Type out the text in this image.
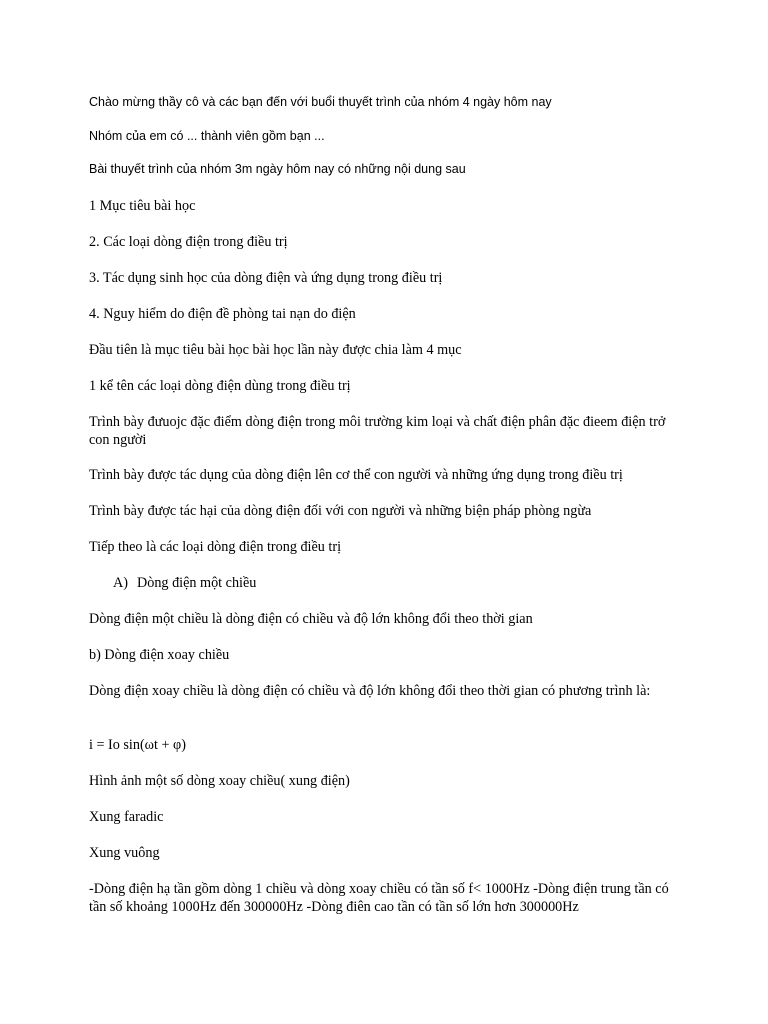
Chào mừng thầy cô và các bạn đến với buổi thuyết trình của nhóm 4 ngày hôm nay

Nhóm của em có ... thành viên gồm bạn ...

Bài thuyết trình của nhóm 3m ngày hôm nay có những nội dung sau

1 Mục tiêu bài học

2. Các loại dòng điện trong điều trị

3. Tác dụng sinh học của dòng điện và ứng dụng trong điều trị

4. Nguy hiểm do điện đề phòng tai nạn do điện

Đầu tiên là mục tiêu bài học bài học lần này được chia làm 4 mục

1 kể tên các loại dòng điện dùng trong điều trị

Trình bày đưuojc đặc điểm dòng điện trong môi trường kim loại và chất điện phân đặc đieem điện trở con người

Trình bày được tác dụng của dòng điện lên cơ thể con người và những ứng dụng trong điều trị

Trình bày được tác hại của dòng điện đối với con người và những biện pháp phòng ngừa

Tiếp theo là các loại dòng điện trong điều trị

A) Dòng điện một chiều

Dòng điện một chiều là dòng điện có chiều và độ lớn không đổi theo thời gian

b) Dòng điện xoay chiều

Dòng điện xoay chiều là dòng điện có chiều và độ lớn không đổi theo thời gian có phương trình là:

i = Io sin(ωt + φ)

Hình ảnh một số dòng xoay chiều( xung điện)

Xung faradic

Xung vuông

-Dòng điện hạ tần gồm dòng 1 chiều và dòng xoay chiều có tần số f< 1000Hz -Dòng điện trung tần có tần số khoảng 1000Hz đến 300000Hz -Dòng điên cao tần có tần số lớn hơn 300000Hz
